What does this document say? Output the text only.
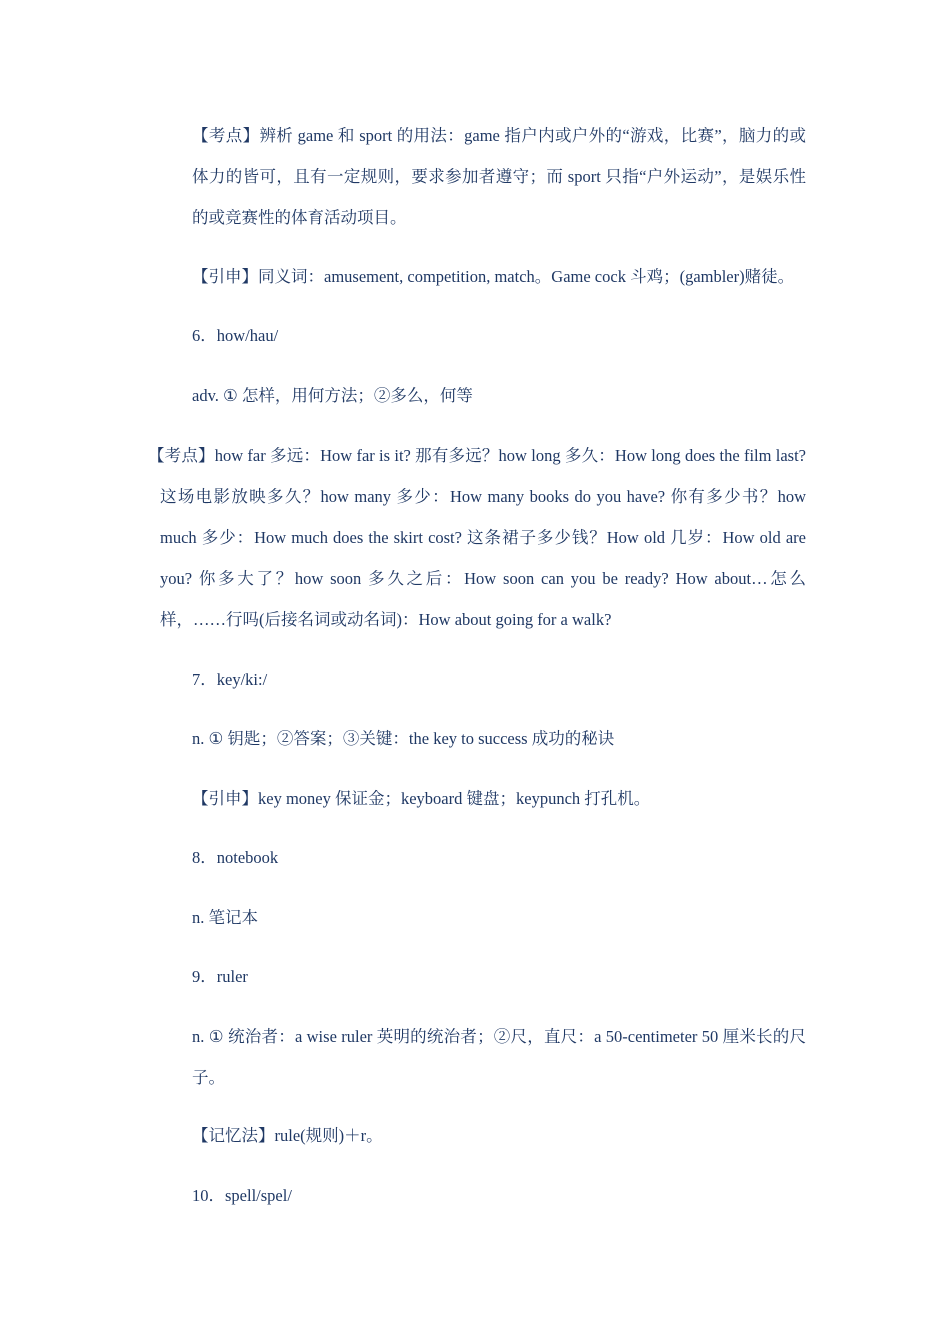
【考点】辨析 game 和 sport 的用法：game 指户内或户外的“游戏，比赛”，脑力的或体力的皆可，且有一定规则，要求参加者遵守；而 sport 只指“户外运动”，是娱乐性的或竞赛性的体育活动项目。

【引申】同义词：amusement, competition, match。Game cock 斗鸡；(gambler)赌徒。

6．how/hau/

adv. ① 怎样，用何方法；②多么，何等

【考点】how far 多远：How far is it? 那有多远？how long 多久：How long does the film last? 这场电影放映多久？how many 多少：How many books do you have? 你有多少书？how much 多少：How much does the skirt cost? 这条裙子多少钱？How old 几岁：How old are you? 你多大了？how soon 多久之后：How soon can you be ready? How about…怎么样，……行吗(后接名词或动名词)：How about going for a walk?

7．key/ki:/

n. ① 钥匙；②答案；③关键：the key to success 成功的秘诀

【引申】key money 保证金；keyboard 键盘；keypunch 打孔机。

8．notebook

n. 笔记本

9．ruler

n. ① 统治者：a wise ruler 英明的统治者；②尺，直尺：a 50-centimeter 50 厘米长的尺子。

【记忆法】rule(规则)＋r。

10．spell/spel/
